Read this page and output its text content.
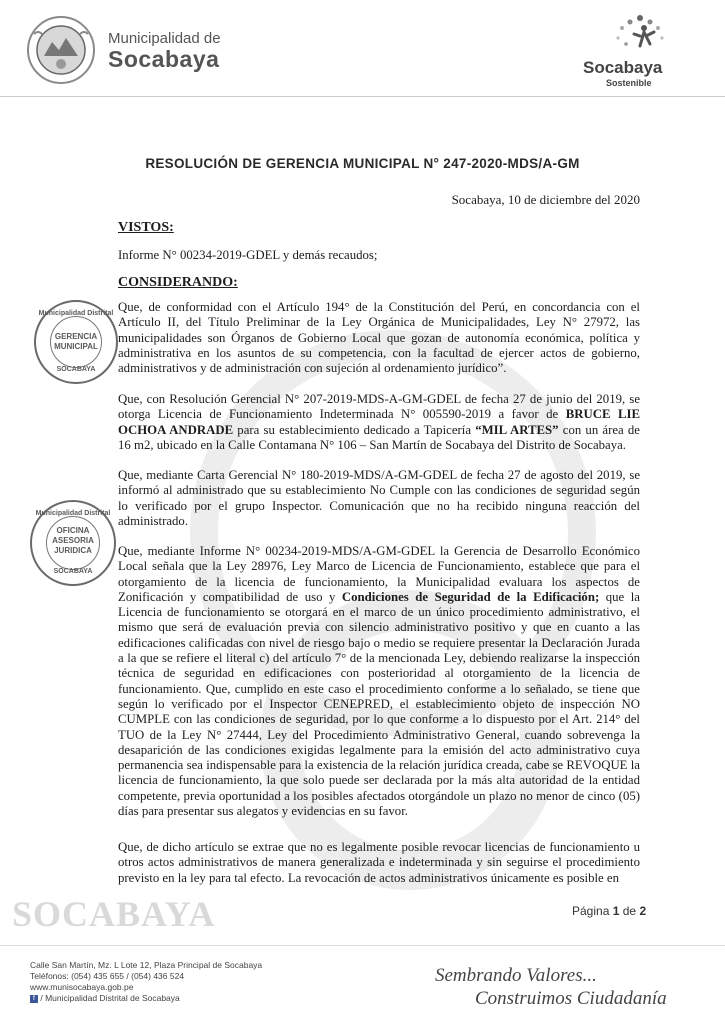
Municipalidad de
Socabaya	Socabaya
Sostenible
RESOLUCIÓN DE GERENCIA MUNICIPAL N° 247-2020-MDS/A-GM
Socabaya, 10 de diciembre del 2020
VISTOS:
Informe N° 00234-2019-GDEL y demás recaudos;
CONSIDERANDO:
Que, de conformidad con el Artículo 194° de la Constitución del Perú, en concordancia con el Artículo II, del Título Preliminar de la Ley Orgánica de Municipalidades, Ley N° 27972, las municipalidades son Órganos de Gobierno Local que gozan de autonomía económica, política y administrativa en los asuntos de su competencia, con la facultad de ejercer actos de gobierno, administrativos y de administración con sujeción al ordenamiento jurídico”.
Que, con Resolución Gerencial N° 207-2019-MDS-A-GM-GDEL de fecha 27 de junio del 2019, se otorga Licencia de Funcionamiento Indeterminada N° 005590-2019 a favor de BRUCE LIE OCHOA ANDRADE para su establecimiento dedicado a Tapicería “MIL ARTES” con un área de 16 m2, ubicado en la Calle Contamana N° 106 – San Martín de Socabaya del Distrito de Socabaya.
Que, mediante Carta Gerencial N° 180-2019-MDS/A-GM-GDEL de fecha 27 de agosto del 2019, se informó al administrado que su establecimiento No Cumple con las condiciones de seguridad según lo verificado por el grupo Inspector. Comunicación que no ha recibido ninguna reacción del administrado.
Que, mediante Informe N° 00234-2019-MDS/A-GM-GDEL la Gerencia de Desarrollo Económico Local señala que la Ley 28976, Ley Marco de Licencia de Funcionamiento, establece que para el otorgamiento de la licencia de funcionamiento, la Municipalidad evaluara los aspectos de Zonificación y compatibilidad de uso y Condiciones de Seguridad de la Edificación; que la Licencia de funcionamiento se otorgará en el marco de un único procedimiento administrativo, el mismo que será de evaluación previa con silencio administrativo positivo y que en cuanto a las edificaciones calificadas con nivel de riesgo bajo o medio se requiere presentar la Declaración Jurada a la que se refiere el literal c) del artículo 7° de la mencionada Ley, debiendo realizarse la inspección técnica de seguridad en edificaciones con posterioridad al otorgamiento de la licencia de funcionamiento. Que, cumplido en este caso el procedimiento conforme a lo señalado, se tiene que según lo verificado por el Inspector CENEPRED, el establecimiento objeto de inspección NO CUMPLE con las condiciones de seguridad, por lo que conforme a lo dispuesto por el Art. 214° del TUO de la Ley N° 27444, Ley del Procedimiento Administrativo General, cuando sobrevenga la desaparición de las condiciones exigidas legalmente para la emisión del acto administrativo cuya permanencia sea indispensable para la existencia de la relación jurídica creada, cabe se REVOQUE la licencia de funcionamiento, la que solo puede ser declarada por la más alta autoridad de la entidad competente, previa oportunidad a los posibles afectados otorgándole un plazo no menor de cinco (05) días para presentar sus alegatos y evidencias en su favor.
Que, de dicho artículo se extrae que no es legalmente posible revocar licencias de funcionamiento u otros actos administrativos de manera generalizada e indeterminada y sin seguirse el procedimiento previsto en la ley para tal efecto. La revocación de actos administrativos únicamente es posible en
Municipalidad Distrital
GERENCIA
MUNICIPAL
SOCABAYA
Municipalidad Distrital
OFICINA
ASESORIA
JURIDICA
SOCABAYA
Página 1 de 2
SOCABAYA
Calle San Martín, Mz. L Lote 12, Plaza Principal de Socabaya
Teléfonos: (054) 435 655 / (054) 436 524
www.munisocabaya.gob.pe
f / Municipalidad Distrital de Socabaya
Sembrando Valores...
Construimos Ciudadanía
